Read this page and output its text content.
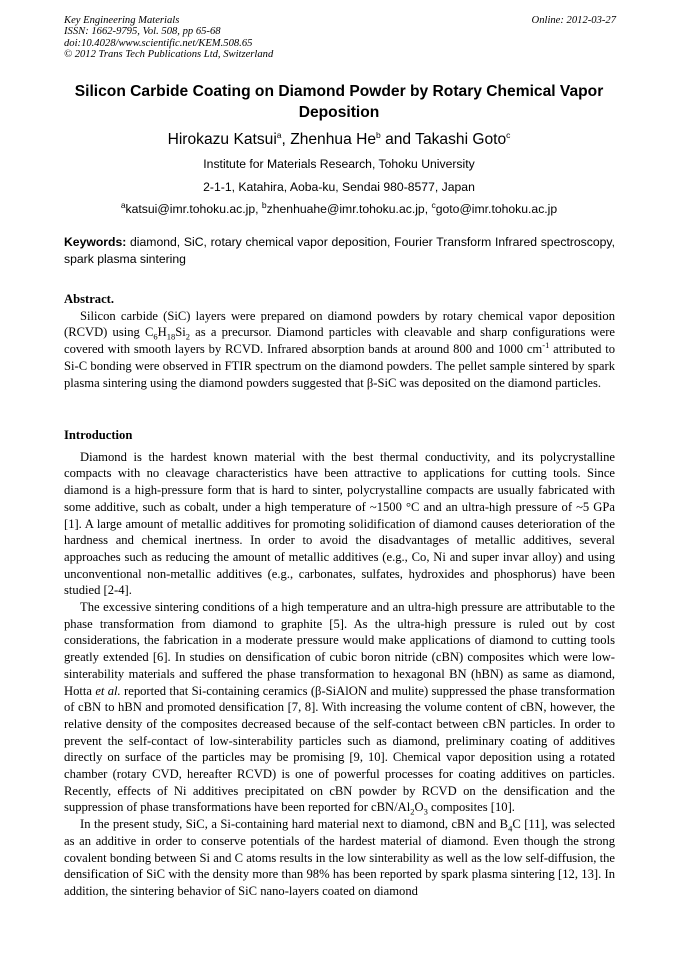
Key Engineering Materials
ISSN: 1662-9795, Vol. 508, pp 65-68
doi:10.4028/www.scientific.net/KEM.508.65
© 2012 Trans Tech Publications Ltd, Switzerland
Online: 2012-03-27
Silicon Carbide Coating on Diamond Powder by Rotary Chemical Vapor Deposition
Hirokazu Katsui$^a$, Zhenhua He$^b$ and Takashi Goto$^c$
Institute for Materials Research, Tohoku University
2-1-1, Katahira, Aoba-ku, Sendai 980-8577, Japan
$^a$katsui@imr.tohoku.ac.jp, $^b$zhenhuahe@imr.tohoku.ac.jp, $^c$goto@imr.tohoku.ac.jp
Keywords: diamond, SiC, rotary chemical vapor deposition, Fourier Transform Infrared spectroscopy, spark plasma sintering
Abstract.

Silicon carbide (SiC) layers were prepared on diamond powders by rotary chemical vapor deposition (RCVD) using $C_6H_{18}Si_2$ as a precursor. Diamond particles with cleavable and sharp configurations were covered with smooth layers by RCVD. Infrared absorption bands at around 800 and 1000 $cm^{-1}$ attributed to Si-C bonding were observed in FTIR spectrum on the diamond powders. The pellet sample sintered by spark plasma sintering using the diamond powders suggested that β-SiC was deposited on the diamond particles.

Introduction

Diamond is the hardest known material with the best thermal conductivity, and its polycrystalline compacts with no cleavage characteristics have been attractive to applications for cutting tools. Since diamond is a high-pressure form that is hard to sinter, polycrystalline compacts are usually fabricated with some additive, such as cobalt, under a high temperature of ~1500 °C and an ultra-high pressure of ~5 GPa [1]. A large amount of metallic additives for promoting solidification of diamond causes deterioration of the hardness and chemical inertness. In order to avoid the disadvantages of metallic additives, several approaches such as reducing the amount of metallic additives (e.g., Co, Ni and super invar alloy) and using unconventional non-metallic additives (e.g., carbonates, sulfates, hydroxides and phosphorus) have been studied [2-4].

The excessive sintering conditions of a high temperature and an ultra-high pressure are attributable to the phase transformation from diamond to graphite [5]. As the ultra-high pressure is ruled out by cost considerations, the fabrication in a moderate pressure would make applications of diamond to cutting tools greatly extended [6]. In studies on densification of cubic boron nitride (cBN) composites which were low-sinterability materials and suffered the phase transformation to hexagonal BN (hBN) as same as diamond, Hotta et al. reported that Si-containing ceramics (β-SiAlON and mulite) suppressed the phase transformation of cBN to hBN and promoted densification [7, 8]. With increasing the volume content of cBN, however, the relative density of the composites decreased because of the self-contact between cBN particles. In order to prevent the self-contact of low-sinterability particles such as diamond, preliminary coating of additives directly on surface of the particles may be promising [9, 10]. Chemical vapor deposition using a rotated chamber (rotary CVD, hereafter RCVD) is one of powerful processes for coating additives on particles. Recently, effects of Ni additives precipitated on cBN powder by RCVD on the densification and the suppression of phase transformations have been reported for cBN/$Al_2O_3$ composites [10].

In the present study, SiC, a Si-containing hard material next to diamond, cBN and $B_4C$ [11], was selected as an additive in order to conserve potentials of the hardest material of diamond. Even though the strong covalent bonding between Si and C atoms results in the low sinterability as well as the low self-diffusion, the densification of SiC with the density more than 98% has been reported by spark plasma sintering [12, 13]. In addition, the sintering behavior of SiC nano-layers coated on diamond
